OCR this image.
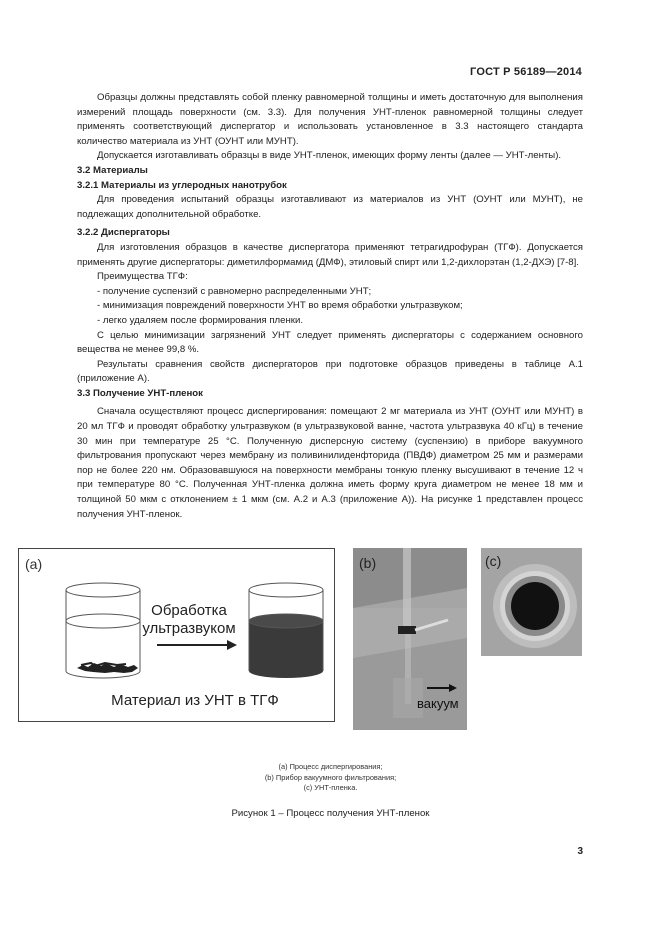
ГОСТ Р 56189—2014

Образцы должны представлять собой пленку равномерной толщины и иметь достаточную для выполнения измерений площадь поверхности (см. 3.3). Для получения УНТ-пленок равномерной толщины следует применять соответствующий диспергатор и использовать установленное в 3.3 настоящего стандарта количество материала из УНТ (ОУНТ или МУНТ).

Допускается изготавливать образцы в виде УНТ-пленок, имеющих форму ленты (далее — УНТ-ленты).

3.2 Материалы

3.2.1 Материалы из углеродных нанотрубок

Для проведения испытаний образцы изготавливают из материалов из УНТ (ОУНТ или МУНТ), не подлежащих дополнительной обработке.

3.2.2 Диспергаторы

Для изготовления образцов в качестве диспергатора применяют тетрагидрофуран (ТГФ). Допускается применять другие диспергаторы: диметилформамид (ДМФ), этиловый спирт или 1,2-дихлорэтан (1,2-ДХЭ) [7-8].

Преимущества ТГФ:

- получение суспензий с равномерно распределенными УНТ;

- минимизация повреждений поверхности УНТ во время обработки ультразвуком;

- легко удаляем после формирования пленки.

С целью минимизации загрязнений УНТ следует применять диспергаторы с содержанием основного вещества не менее 99,8 %.

Результаты сравнения свойств диспергаторов при подготовке образцов приведены в таблице А.1 (приложение А).

3.3 Получение УНТ-пленок

Сначала осуществляют процесс диспергирования: помещают 2 мг материала из УНТ (ОУНТ или МУНТ) в 20 мл ТГФ и проводят обработку ультразвуком (в ультразвуковой ванне, частота ультразвука 40 кГц) в течение 30 мин при температуре 25 °С. Полученную дисперсную систему (суспензию) в приборе вакуумного фильтрования пропускают через мембрану из поливинилиденфторида (ПВДФ) диаметром 25 мм и размерами пор не более 220 нм. Образовавшуюся на поверхности мембраны тонкую пленку высушивают в течение 12 ч при температуре 80 °С. Полученная УНТ-пленка должна иметь форму круга диаметром не менее 18 мм и толщиной 50 мкм с отклонением ± 1 мкм (см. А.2 и А.3 (приложение А)). На рисунке 1 представлен процесс получения УНТ-пленок.

(a)
Обработка
ультразвуком
Материал из УНТ в ТГФ
(b)
вакуум
(c)
(a) Процесс диспергирования;
(b) Прибор вакуумного фильтрования;
(c) УНТ-пленка.
Рисунок 1 – Процесс получения УНТ-пленок
3
